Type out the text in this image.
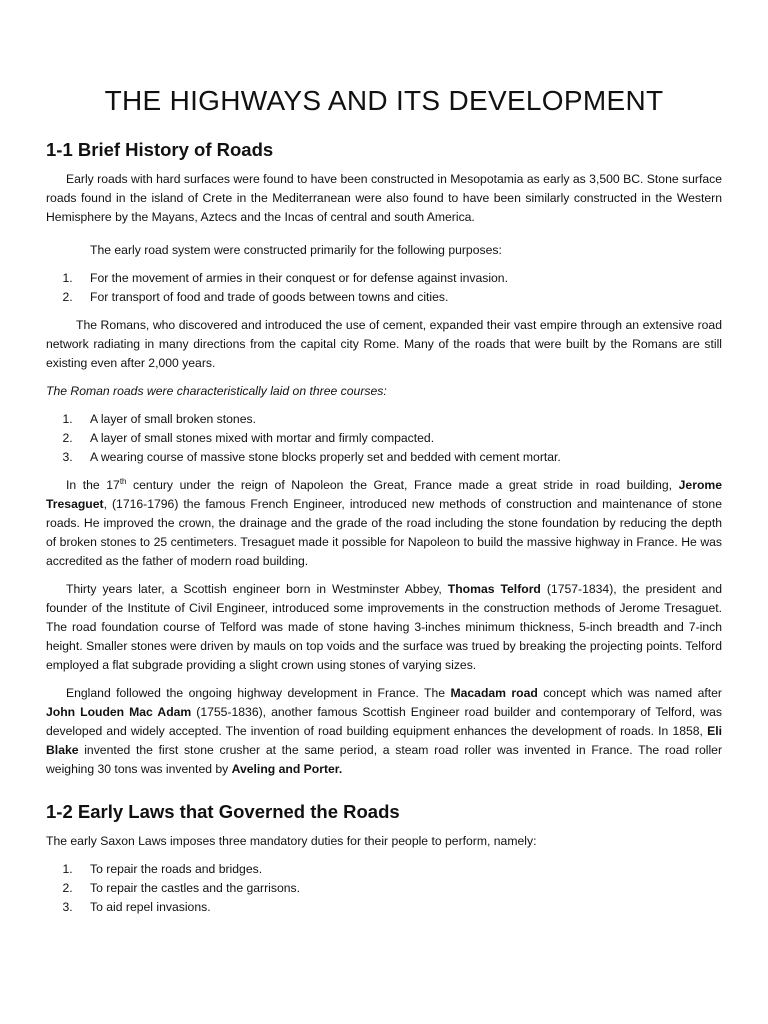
THE HIGHWAYS AND ITS DEVELOPMENT
1-1 Brief History of Roads

Early roads with hard surfaces were found to have been constructed in Mesopotamia as early as 3,500 BC. Stone surface roads found in the island of Crete in the Mediterranean were also found to have been similarly constructed in the Western Hemisphere by the Mayans, Aztecs and the Incas of central and south America.

The early road system were constructed primarily for the following purposes:

1. For the movement of armies in their conquest or for defense against invasion.
2. For transport of food and trade of goods between towns and cities.

The Romans, who discovered and introduced the use of cement, expanded their vast empire through an extensive road network radiating in many directions from the capital city Rome. Many of the roads that were built by the Romans are still existing even after 2,000 years.

The Roman roads were characteristically laid on three courses:

1. A layer of small broken stones.
2. A layer of small stones mixed with mortar and firmly compacted.
3. A wearing course of massive stone blocks properly set and bedded with cement mortar.

In the 17th century under the reign of Napoleon the Great, France made a great stride in road building, Jerome Tresaguet, (1716-1796) the famous French Engineer, introduced new methods of construction and maintenance of stone roads. He improved the crown, the drainage and the grade of the road including the stone foundation by reducing the depth of broken stones to 25 centimeters. Tresaguet made it possible for Napoleon to build the massive highway in France. He was accredited as the father of modern road building.

Thirty years later, a Scottish engineer born in Westminster Abbey, Thomas Telford (1757-1834), the president and founder of the Institute of Civil Engineer, introduced some improvements in the construction methods of Jerome Tresaguet. The road foundation course of Telford was made of stone having 3-inches minimum thickness, 5-inch breadth and 7-inch height. Smaller stones were driven by mauls on top voids and the surface was trued by breaking the projecting points. Telford employed a flat subgrade providing a slight crown using stones of varying sizes.

England followed the ongoing highway development in France. The Macadam road concept which was named after John Louden Mac Adam (1755-1836), another famous Scottish Engineer road builder and contemporary of Telford, was developed and widely accepted. The invention of road building equipment enhances the development of roads. In 1858, Eli Blake invented the first stone crusher at the same period, a steam road roller was invented in France. The road roller weighing 30 tons was invented by Aveling and Porter.

1-2 Early Laws that Governed the Roads

The early Saxon Laws imposes three mandatory duties for their people to perform, namely:

1. To repair the roads and bridges.
2. To repair the castles and the garrisons.
3. To aid repel invasions.
